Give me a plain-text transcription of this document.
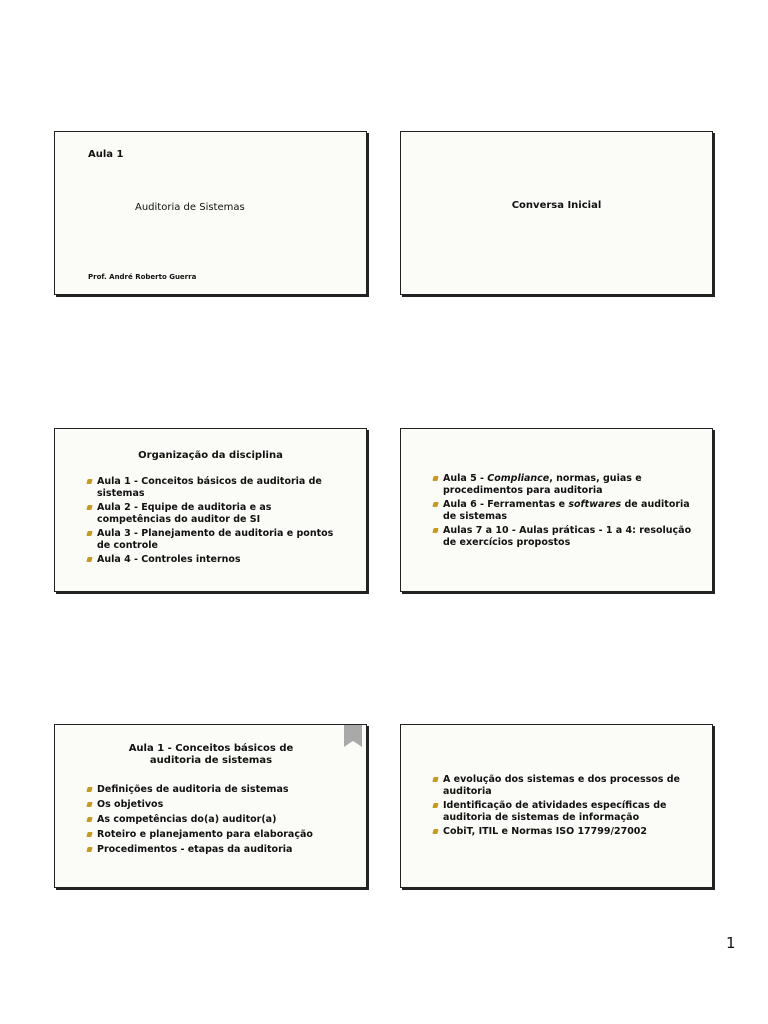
Aula 1
Auditoria de Sistemas
Prof. André Roberto Guerra
Conversa Inicial
Organização da disciplina
Aula 1 - Conceitos básicos de auditoria de sistemas
Aula 2 - Equipe de auditoria e as competências do auditor de SI
Aula 3 - Planejamento de auditoria e pontos de controle
Aula 4 - Controles internos
Aula 5 - Compliance, normas, guias e procedimentos para auditoria
Aula 6 - Ferramentas e softwares de auditoria de sistemas
Aulas 7 a 10 - Aulas práticas - 1 a 4: resolução de exercícios propostos
Aula 1 - Conceitos básicos de auditoria de sistemas
Definições de auditoria de sistemas
Os objetivos
As competências do(a) auditor(a)
Roteiro e planejamento para elaboração
Procedimentos - etapas da auditoria
A evolução dos sistemas e dos processos de auditoria
Identificação de atividades específicas de auditoria de sistemas de informação
CobiT, ITIL e Normas ISO 17799/27002
1
